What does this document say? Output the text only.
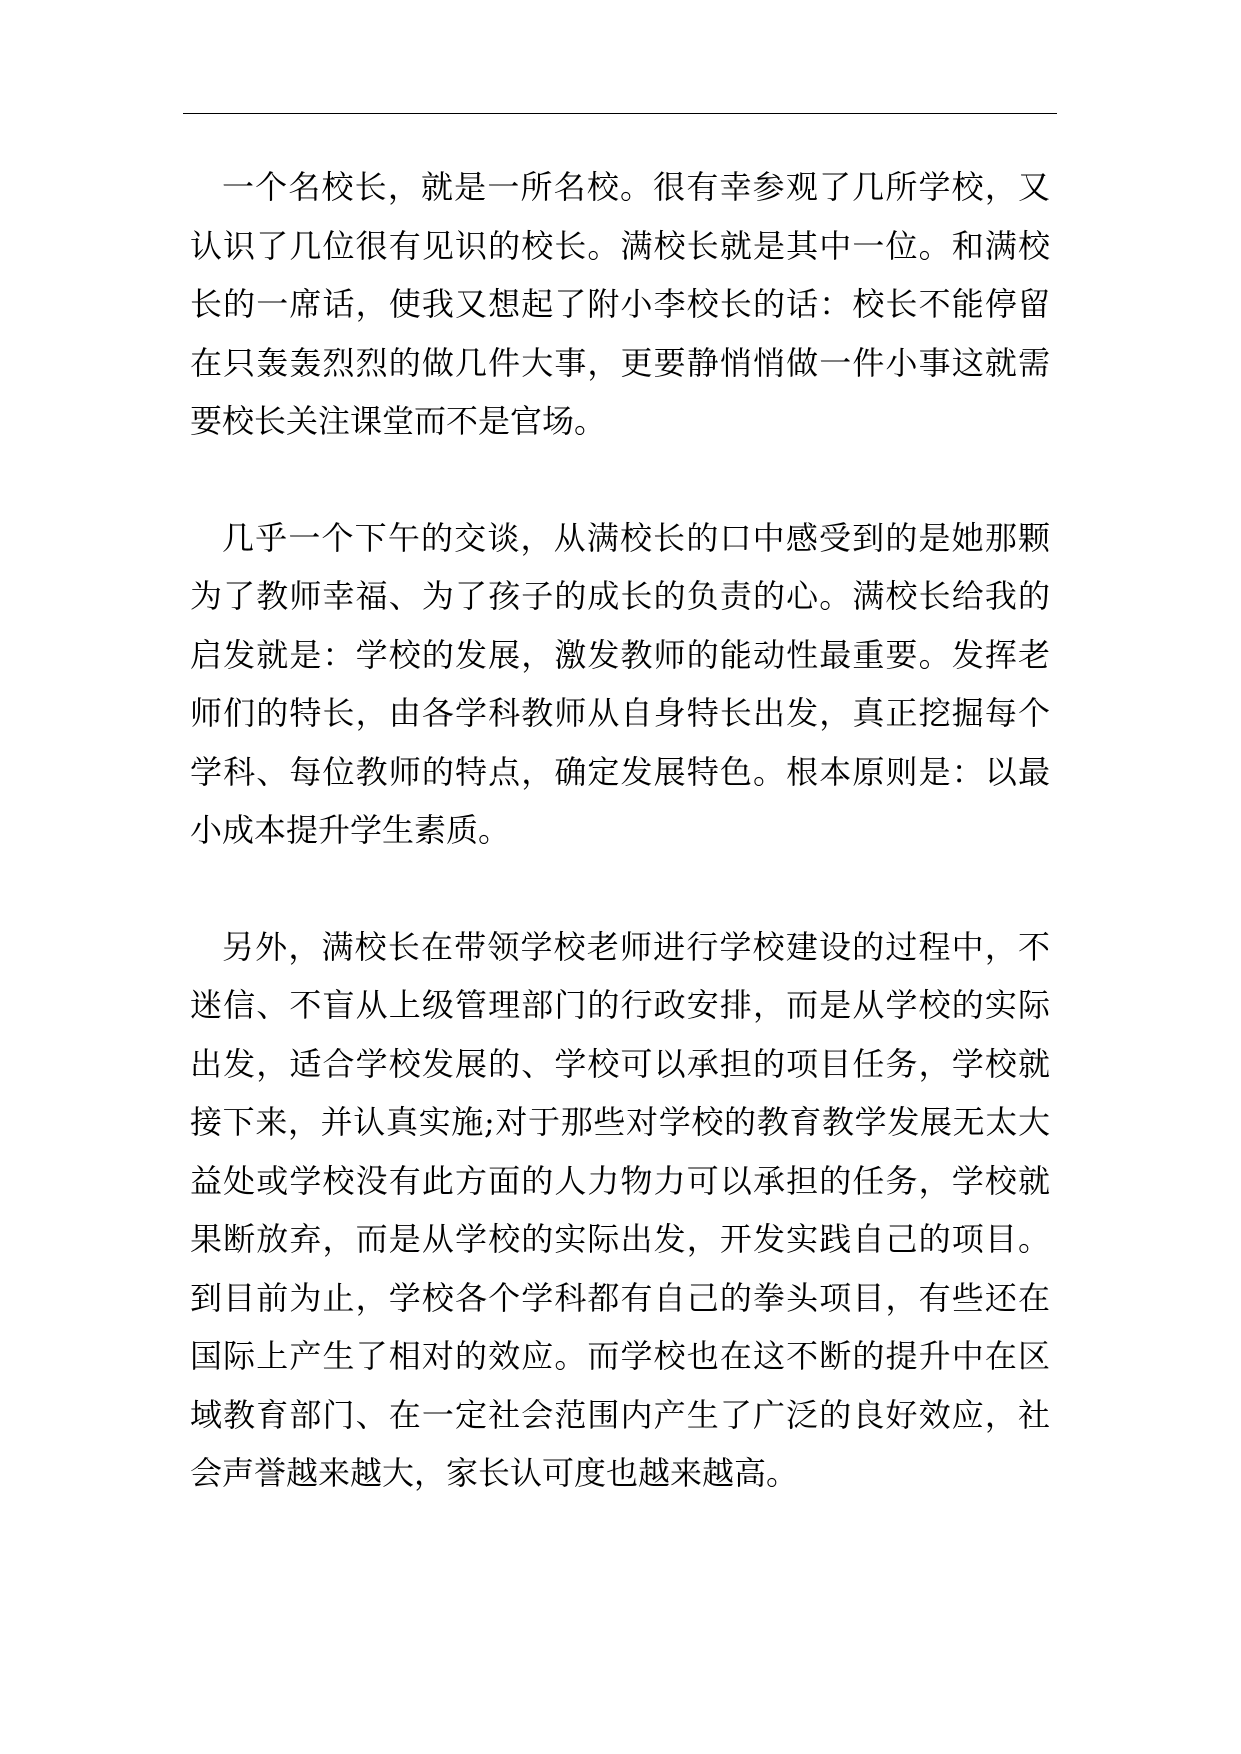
一个名校长，就是一所名校。很有幸参观了几所学校，又认识了几位很有见识的校长。满校长就是其中一位。和满校长的一席话，使我又想起了附小李校长的话：校长不能停留在只轰轰烈烈的做几件大事，更要静悄悄做一件小事这就需要校长关注课堂而不是官场。

几乎一个下午的交谈，从满校长的口中感受到的是她那颗为了教师幸福、为了孩子的成长的负责的心。满校长给我的启发就是：学校的发展，激发教师的能动性最重要。发挥老师们的特长，由各学科教师从自身特长出发，真正挖掘每个学科、每位教师的特点，确定发展特色。根本原则是：以最小成本提升学生素质。

另外，满校长在带领学校老师进行学校建设的过程中，不迷信、不盲从上级管理部门的行政安排，而是从学校的实际出发，适合学校发展的、学校可以承担的项目任务，学校就接下来，并认真实施;对于那些对学校的教育教学发展无太大益处或学校没有此方面的人力物力可以承担的任务，学校就果断放弃，而是从学校的实际出发，开发实践自己的项目。到目前为止，学校各个学科都有自己的拳头项目，有些还在国际上产生了相对的效应。而学校也在这不断的提升中在区域教育部门、在一定社会范围内产生了广泛的良好效应，社会声誉越来越大，家长认可度也越来越高。
